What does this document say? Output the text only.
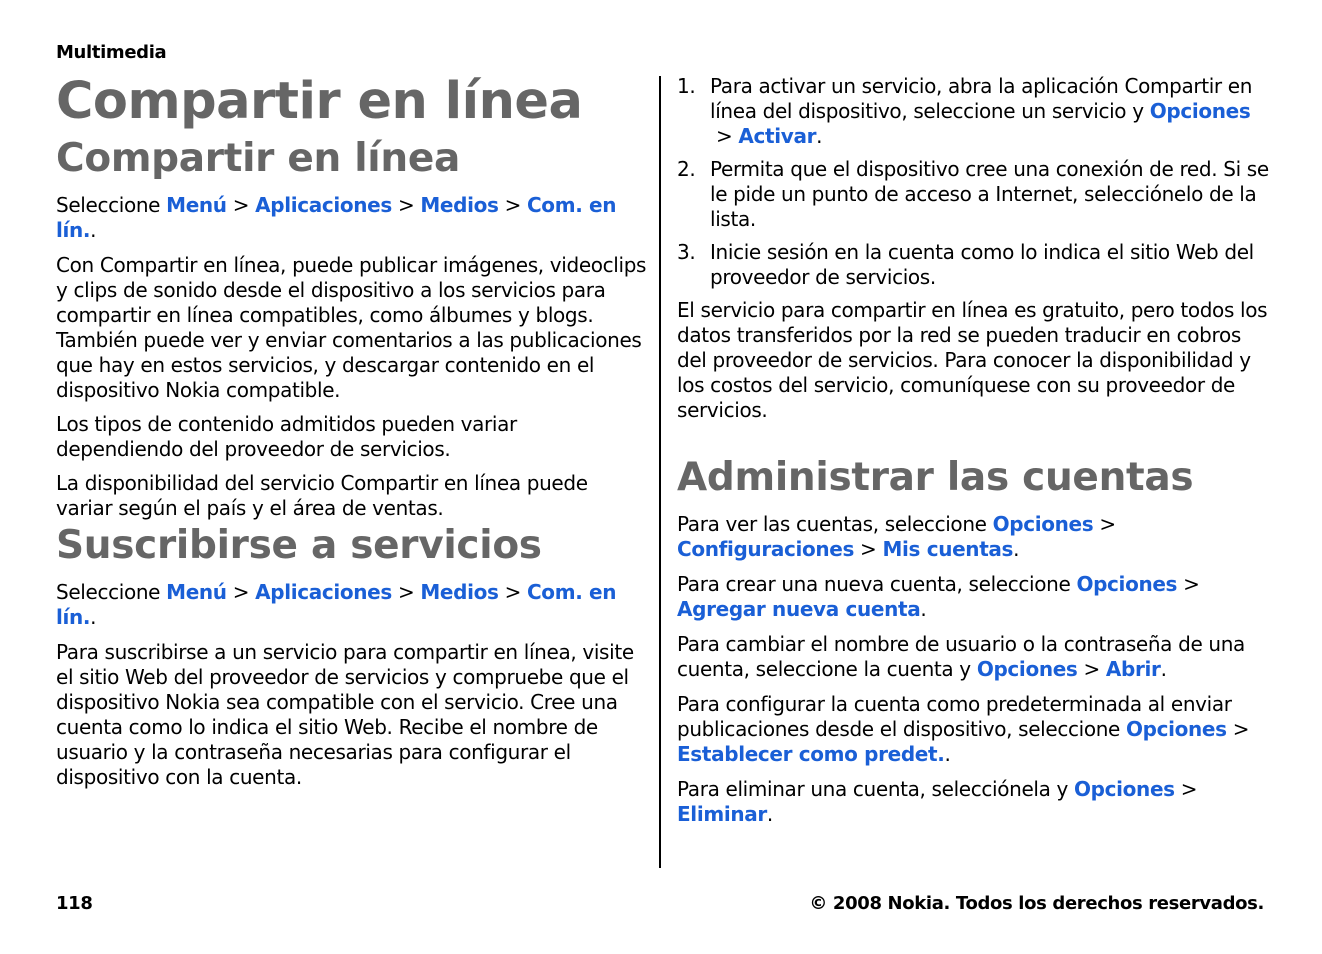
Multimedia

Compartir en línea
Compartir en línea

Seleccione Menú > Aplicaciones > Medios > Com. en lín..

Con Compartir en línea, puede publicar imágenes, videoclips y clips de sonido desde el dispositivo a los servicios para compartir en línea compatibles, como álbumes y blogs. También puede ver y enviar comentarios a las publicaciones que hay en estos servicios, y descargar contenido en el dispositivo Nokia compatible.

Los tipos de contenido admitidos pueden variar dependiendo del proveedor de servicios.

La disponibilidad del servicio Compartir en línea puede variar según el país y el área de ventas.

Suscribirse a servicios

Seleccione Menú > Aplicaciones > Medios > Com. en lín..

Para suscribirse a un servicio para compartir en línea, visite el sitio Web del proveedor de servicios y compruebe que el dispositivo Nokia sea compatible con el servicio. Cree una cuenta como lo indica el sitio Web. Recibe el nombre de usuario y la contraseña necesarias para configurar el dispositivo con la cuenta.

1. Para activar un servicio, abra la aplicación Compartir en línea del dispositivo, seleccione un servicio y Opciones> Activar.
2. Permita que el dispositivo cree una conexión de red. Si se le pide un punto de acceso a Internet, selecciónelo de la lista.
3. Inicie sesión en la cuenta como lo indica el sitio Web del proveedor de servicios.

El servicio para compartir en línea es gratuito, pero todos los datos transferidos por la red se pueden traducir en cobros del proveedor de servicios. Para conocer la disponibilidad y los costos del servicio, comuníquese con su proveedor de servicios.

Administrar las cuentas

Para ver las cuentas, seleccione Opciones > Configuraciones > Mis cuentas.

Para crear una nueva cuenta, seleccione Opciones > Agregar nueva cuenta.

Para cambiar el nombre de usuario o la contraseña de una cuenta, seleccione la cuenta y Opciones > Abrir.

Para configurar la cuenta como predeterminada al enviar publicaciones desde el dispositivo, seleccione Opciones > Establecer como predet..

Para eliminar una cuenta, selecciónela y Opciones > Eliminar.

118	© 2008 Nokia. Todos los derechos reservados.
